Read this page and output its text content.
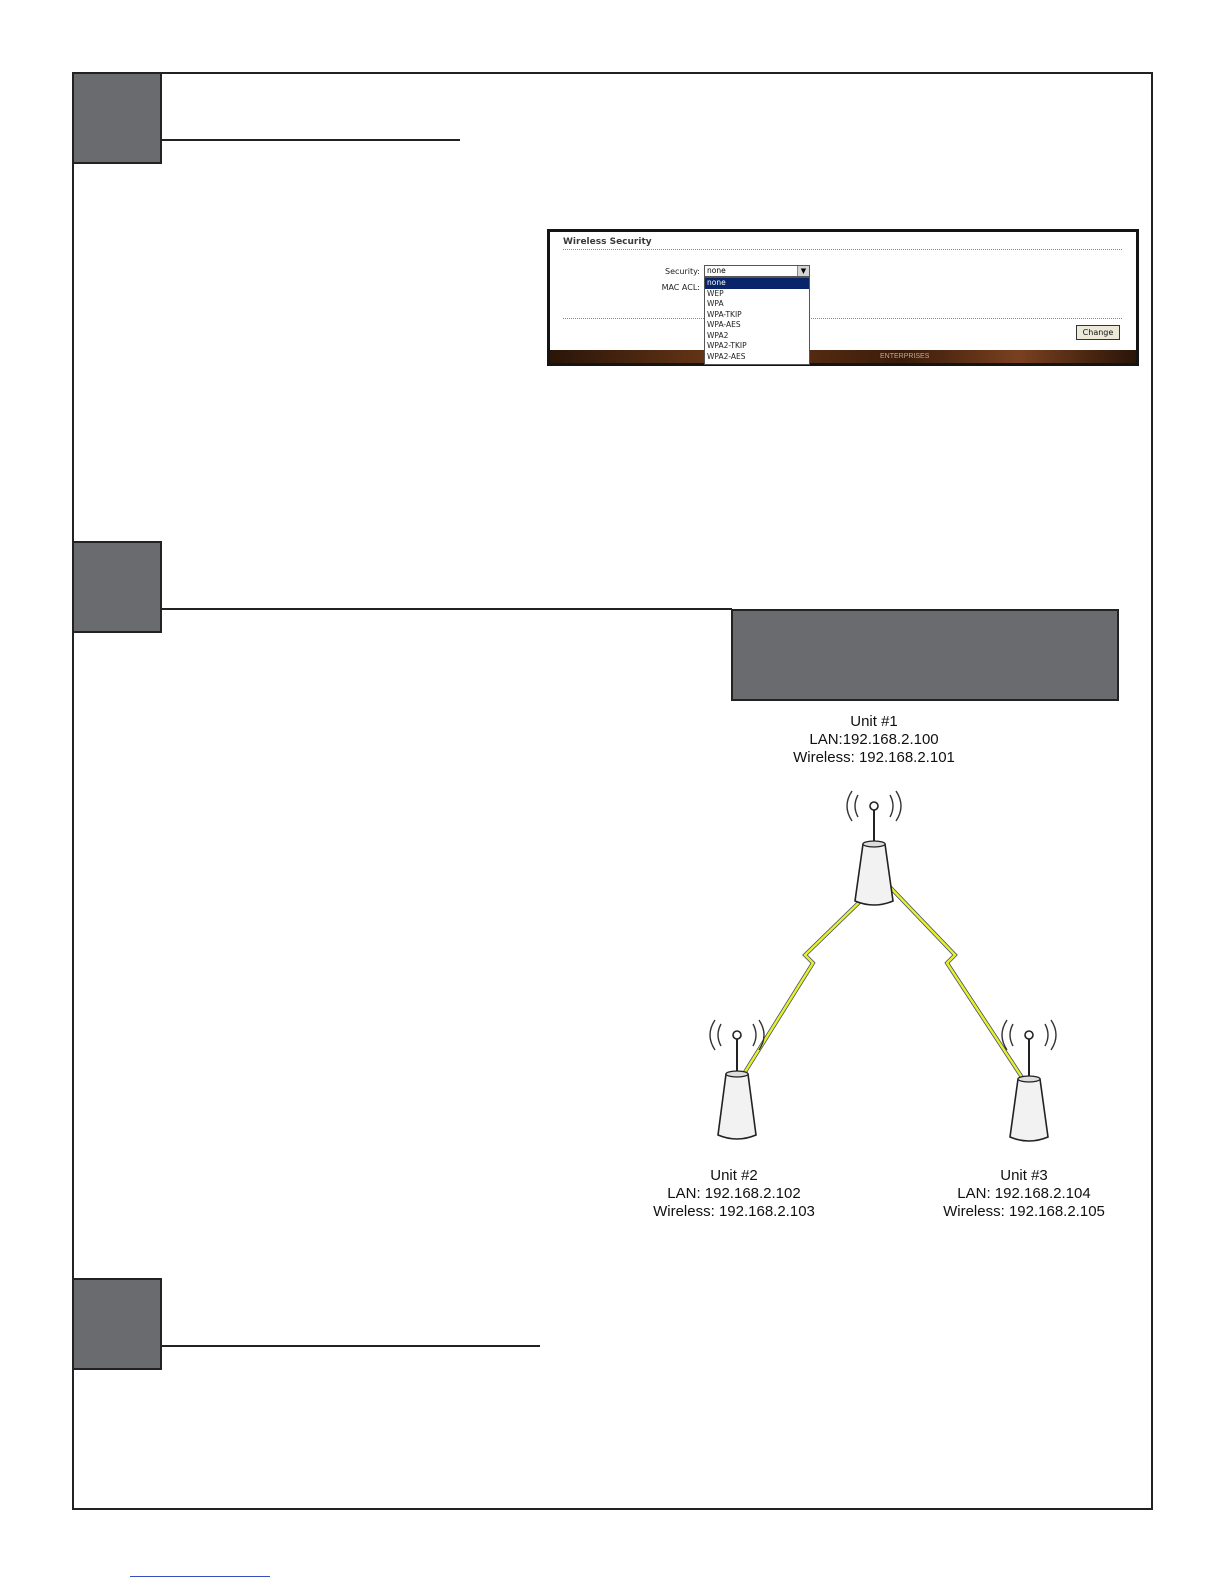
Wireless Security
Security:
MAC ACL:
none	▼
none
WEP
WPA
WPA-TKIP
WPA-AES
WPA2
WPA2-TKIP
WPA2-AES
Change
ENTERPRISES
Unit #1
LAN:192.168.2.100
Wireless: 192.168.2.101
Unit #2
LAN: 192.168.2.102
Wireless: 192.168.2.103
Unit #3
LAN: 192.168.2.104
Wireless: 192.168.2.105
